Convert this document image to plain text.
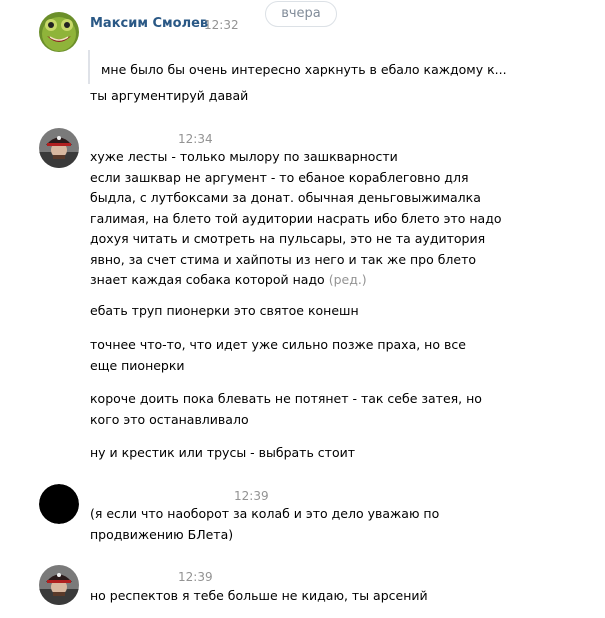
вчера
Максим Смолев
12:32
мне было бы очень интересно харкнуть в ебало каждому к...
ты аргументируй давай
12:34
хуже лесты - только мылору по зашкварности
если зашквар не аргумент - то ебаное кораблеговно для
быдла, с лутбоксами за донат. обычная деньговыжималка
галимая, на блето той аудитории насрать ибо блето это надо
дохуя читать и смотреть на пульсары, это не та аудитория
явно, за счет стима и хайпоты из него и так же про блето
знает каждая собака которой надо (ред.)
ебать труп пионерки это святое конешн
точнее что-то, что идет уже сильно позже праха, но все
еще пионерки
короче доить пока блевать не потянет - так себе затея, но
кого это останавливало
ну и крестик или трусы - выбрать стоит
12:39
(я если что наоборот за колаб и это дело уважаю по
продвижению БЛета)
12:39
но респектов я тебе больше не кидаю, ты арсений
